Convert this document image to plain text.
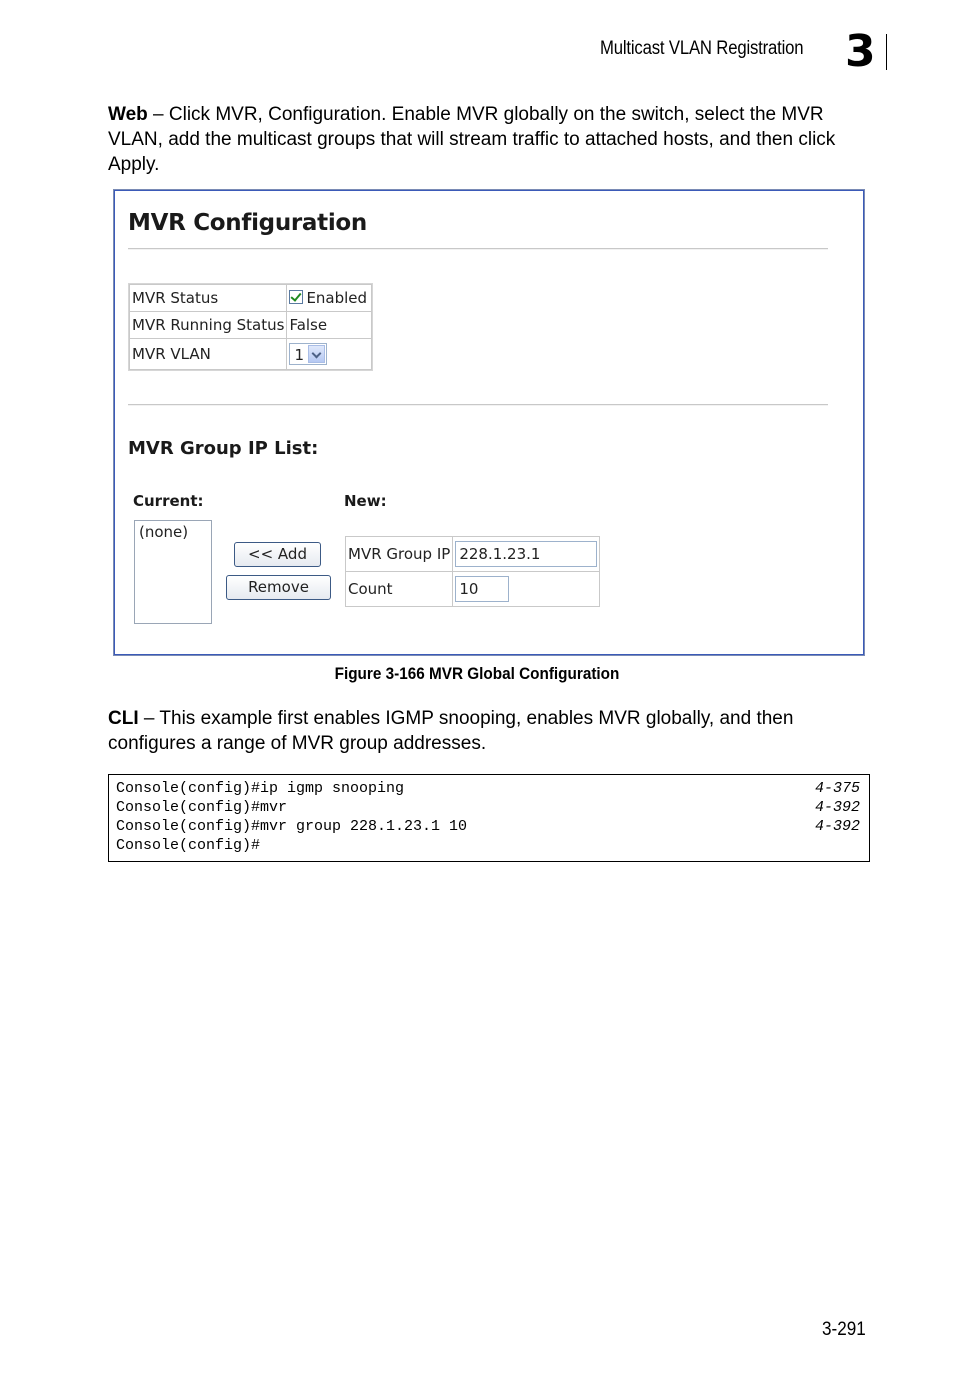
Multicast VLAN Registration 3
Web – Click MVR, Configuration. Enable MVR globally on the switch, select the MVR VLAN, add the multicast groups that will stream traffic to attached hosts, and then click Apply.
MVR Configuration
MVR Status	Enabled
MVR Running Status	False
MVR VLAN	1
MVR Group IP List:
Current:	New:
(none)
<< Add
Remove
MVR Group IP	228.1.23.1
Count	10
Figure 3-166 MVR Global Configuration
CLI – This example first enables IGMP snooping, enables MVR globally, and then configures a range of MVR group addresses.
Console(config)#ip igmp snooping	4-375
Console(config)#mvr	4-392
Console(config)#mvr group 228.1.23.1 10	4-392
Console(config)#
3-291
